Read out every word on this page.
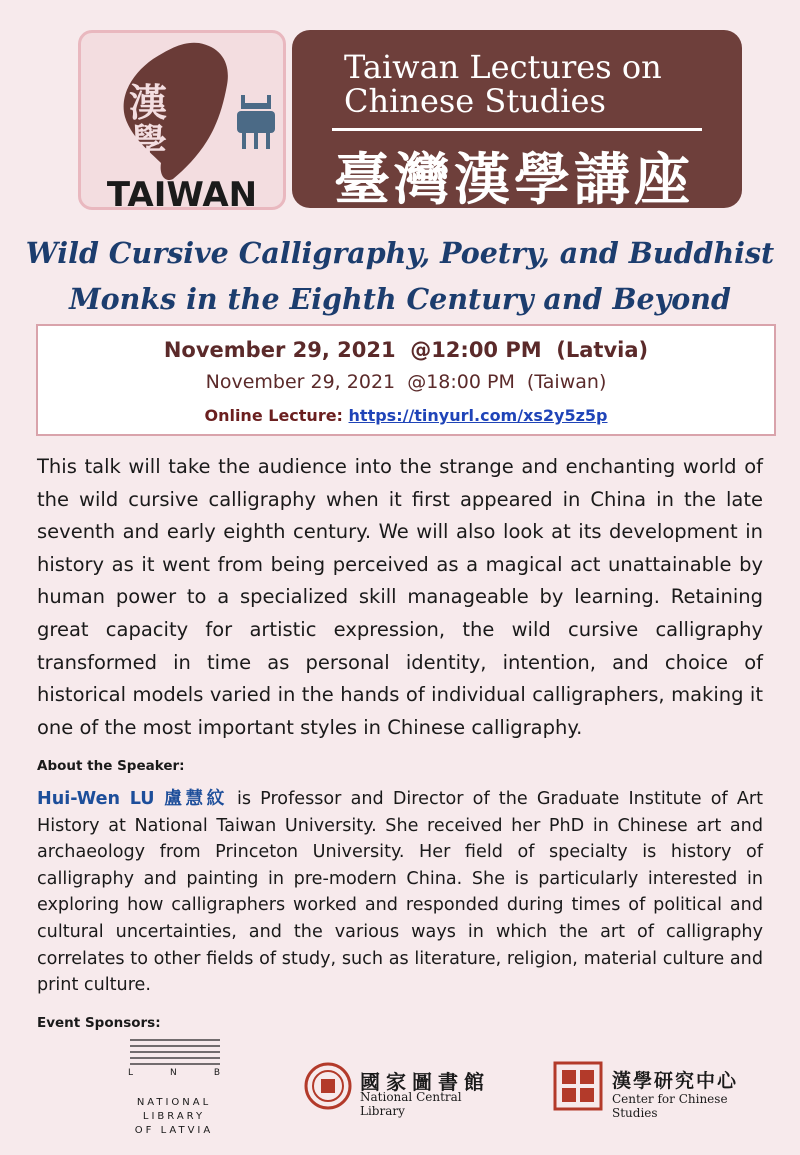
漢學
TAIWAN
Taiwan Lectures on
Chinese Studies
臺灣漢學講座
Wild Cursive Calligraphy, Poetry, and Buddhist
Monks in the Eighth Century and Beyond
November 29, 2021  @12:00 PM  (Latvia)
November 29, 2021  @18:00 PM  (Taiwan)
Online Lecture: https://tinyurl.com/xs2y5z5p
This talk will take the audience into the strange and enchanting world of the wild cursive calligraphy when it first appeared in China in the late seventh and early eighth century. We will also look at its development in history as it went from being perceived as a magical act unattainable by human power to a specialized skill manageable by learning. Retaining great capacity for artistic expression, the wild cursive calligraphy transformed in time as personal identity, intention, and choice of historical models varied in the hands of individual calligraphers, making it one of the most important styles in Chinese calligraphy.
About the Speaker:
Hui-Wen LU 盧慧紋 is Professor and Director of the Graduate Institute of Art History at National Taiwan University. She received her PhD in Chinese art and archaeology from Princeton University. Her field of specialty is history of calligraphy and painting in pre-modern China. She is particularly interested in exploring how calligraphers worked and responded during times of political and cultural uncertainties, and the various ways in which the art of calligraphy correlates to other fields of study, such as literature, religion, material culture and print culture.
Event Sponsors:
L	N	B
NATIONAL
LIBRARY
OF LATVIA
國家圖書館
National Central Library
漢學研究中心
Center for Chinese Studies
